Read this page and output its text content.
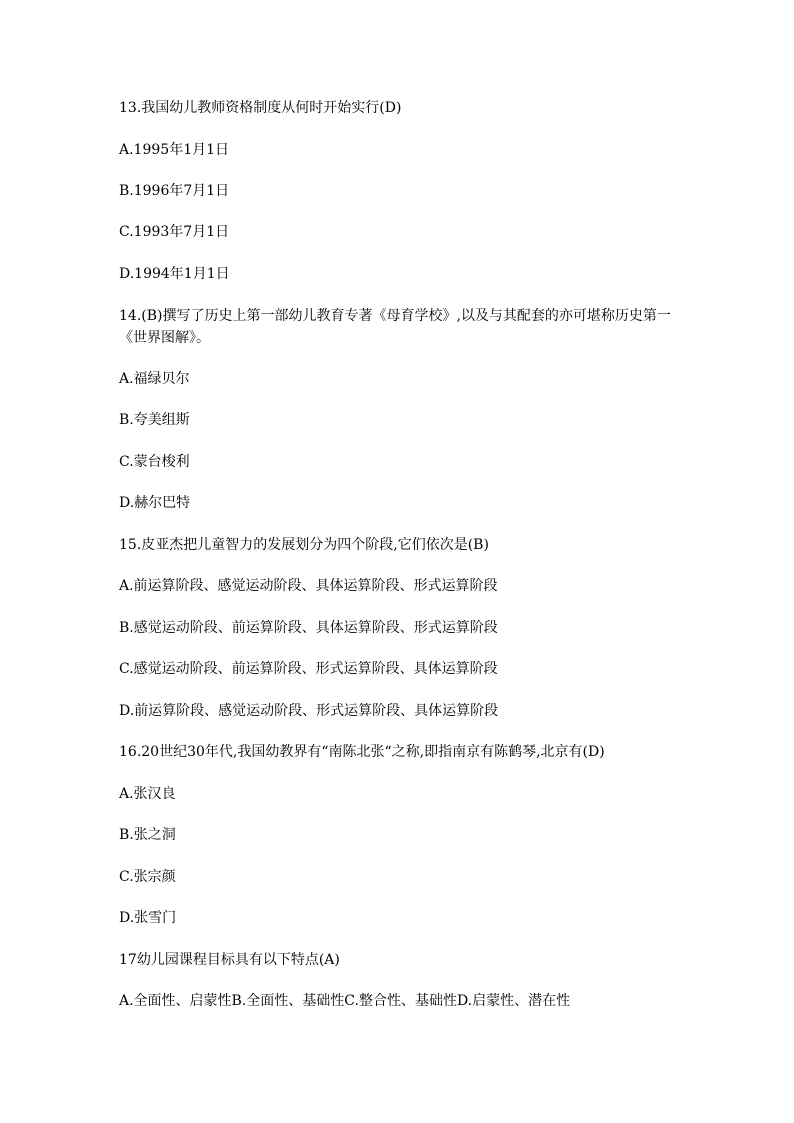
13.我国幼儿教师资格制度从何时开始实行(D)
A.1995年1月1日
B.1996年7月1日
C.1993年7月1日
D.1994年1月1日
14.(B)撰写了历史上第一部幼儿教育专著《母育学校》,以及与其配套的亦可堪称历史第一《世界图解》。
A.福绿贝尔
B.夸美组斯
C.蒙台梭利
D.赫尔巴特
15.皮亚杰把儿童智力的发展划分为四个阶段,它们依次是(B)
A.前运算阶段、感觉运动阶段、具体运算阶段、形式运算阶段
B.感觉运动阶段、前运算阶段、具体运算阶段、形式运算阶段
C.感觉运动阶段、前运算阶段、形式运算阶段、具体运算阶段
D.前运算阶段、感觉运动阶段、形式运算阶段、具体运算阶段
16.20世纪30年代,我国幼教界有“南陈北张“之称,即指南京有陈鹤琴,北京有(D)
A.张汉良
B.张之洞
C.张宗颜
D.张雪门
17幼儿园课程目标具有以下特点(A)
A.全面性、启蒙性B.全面性、基础性C.整合性、基础性D.启蒙性、潜在性
